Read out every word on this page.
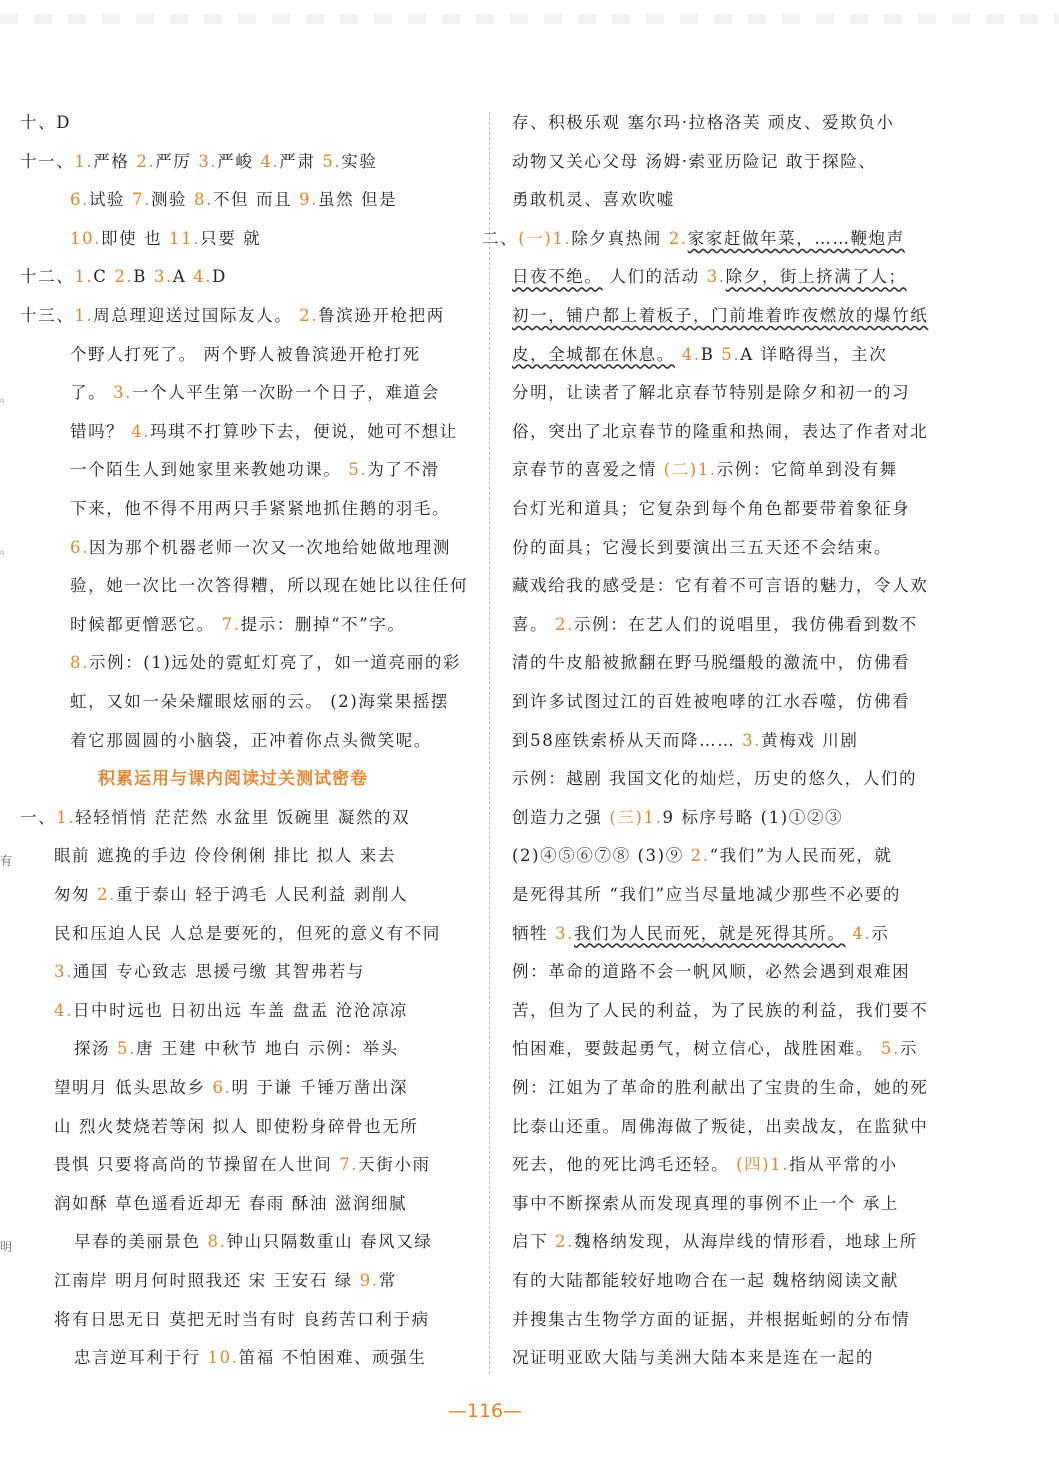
十、D
十一、1.严格 2.严厉 3.严峻 4.严肃 5.实验
6.试验 7.测验 8.不但 而且 9.虽然 但是
10.即使 也 11.只要 就
十二、1.C 2.B 3.A 4.D
十三、1.周总理迎送过国际友人。 2.鲁滨逊开枪把两
个野人打死了。 两个野人被鲁滨逊开枪打死
了。 3.一个人平生第一次盼一个日子，难道会
错吗？ 4.玛琪不打算吵下去，便说，她可不想让
一个陌生人到她家里来教她功课。 5.为了不滑
下来，他不得不用两只手紧紧地抓住鹅的羽毛。
6.因为那个机器老师一次又一次地给她做地理测
验，她一次比一次答得糟，所以现在她比以往任何
时候都更憎恶它。 7.提示：删掉“不”字。
8.示例：(1)远处的霓虹灯亮了，如一道亮丽的彩
虹，又如一朵朵耀眼炫丽的云。 (2)海棠果摇摆
着它那圆圆的小脑袋，正冲着你点头微笑呢。
积累运用与课内阅读过关测试密卷
一、1.轻轻悄悄 茫茫然 水盆里 饭碗里 凝然的双
眼前 遮挽的手边 伶伶俐俐 排比 拟人 来去
匆匆 2.重于泰山 轻于鸿毛 人民利益 剥削人
民和压迫人民 人总是要死的，但死的意义有不同
3.通国 专心致志 思援弓缴 其智弗若与
4.日中时远也 日初出远 车盖 盘盂 沧沧凉凉
探汤 5.唐 王建 中秋节 地白 示例：举头
望明月 低头思故乡 6.明 于谦 千锤万凿出深
山 烈火焚烧若等闲 拟人 即使粉身碎骨也无所
畏惧 只要将高尚的节操留在人世间 7.天街小雨
润如酥 草色遥看近却无 春雨 酥油 滋润细腻
早春的美丽景色 8.钟山只隔数重山 春风又绿
江南岸 明月何时照我还 宋 王安石 绿 9.常
将有日思无日 莫把无时当有时 良药苦口利于病
忠言逆耳利于行 10.笛福 不怕困难、顽强生
存、积极乐观 塞尔玛·拉格洛芙 顽皮、爱欺负小
动物又关心父母 汤姆·索亚历险记 敢于探险、
勇敢机灵、喜欢吹嘘
二、(一)1.除夕真热闹 2.家家赶做年菜，……鞭炮声
日夜不绝。 人们的活动 3.除夕，街上挤满了人；
初一，铺户都上着板子，门前堆着昨夜燃放的爆竹纸
皮，全城都在休息。 4.B 5.A 详略得当，主次
分明，让读者了解北京春节特别是除夕和初一的习
俗，突出了北京春节的隆重和热闹，表达了作者对北
京春节的喜爱之情 (二)1.示例：它简单到没有舞
台灯光和道具；它复杂到每个角色都要带着象征身
份的面具；它漫长到要演出三五天还不会结束。
藏戏给我的感受是：它有着不可言语的魅力，令人欢
喜。 2.示例：在艺人们的说唱里，我仿佛看到数不
清的牛皮船被掀翻在野马脱缰般的激流中，仿佛看
到许多试图过江的百姓被咆哮的江水吞噬，仿佛看
到58座铁索桥从天而降…… 3.黄梅戏 川剧
示例：越剧 我国文化的灿烂，历史的悠久，人们的
创造力之强 (三)1.9 标序号略 (1)①②③
(2)④⑤⑥⑦⑧ (3)⑨ 2.“我们”为人民而死，就
是死得其所 “我们”应当尽量地减少那些不必要的
牺牲 3.我们为人民而死，就是死得其所。 4.示
例：革命的道路不会一帆风顺，必然会遇到艰难困
苦，但为了人民的利益，为了民族的利益，我们要不
怕困难，要鼓起勇气，树立信心，战胜困难。 5.示
例：江姐为了革命的胜利献出了宝贵的生命，她的死
比泰山还重。周佛海做了叛徒，出卖战友，在监狱中
死去，他的死比鸿毛还轻。 (四)1.指从平常的小
事中不断探索从而发现真理的事例不止一个 承上
启下 2.魏格纳发现，从海岸线的情形看，地球上所
有的大陆都能较好地吻合在一起 魏格纳阅读文献
并搜集古生物学方面的证据，并根据蚯蚓的分布情
况证明亚欧大陆与美洲大陆本来是连在一起的
。
。
有
明
—116—
